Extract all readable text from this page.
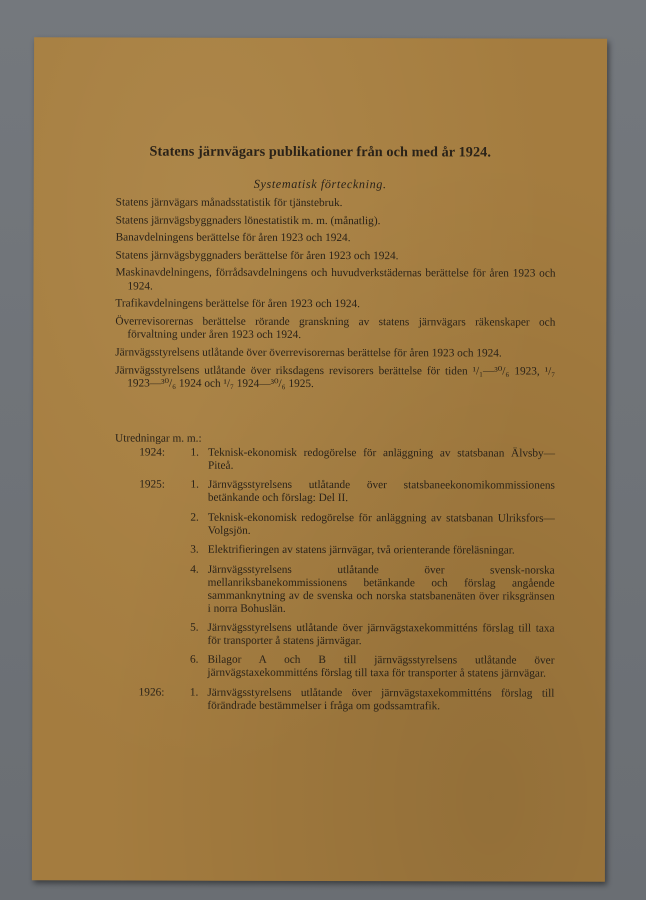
Statens järnvägars publikationer från och med år 1924.
Systematisk förteckning.
Statens järnvägars månadsstatistik för tjänstebruk.
Statens järnvägsbyggnaders lönestatistik m. m. (månatlig).
Banavdelningens berättelse för åren 1923 och 1924.
Statens järnvägsbyggnaders berättelse för åren 1923 och 1924.
Maskinavdelningens, förrådsavdelningens och huvudverkstädernas berättelse för åren 1923 och 1924.
Trafikavdelningens berättelse för åren 1923 och 1924.
Överrevisorernas berättelse rörande granskning av statens järnvägars räkenskaper och förvaltning under åren 1923 och 1924.
Järnvägsstyrelsens utlåtande över överrevisorernas berättelse för åren 1923 och 1924.
Järnvägsstyrelsens utlåtande över riksdagens revisorers berättelse för tiden ¹/₁—³⁰/₆ 1923, ¹/₇ 1923—³⁰/₆ 1924 och ¹/₇ 1924—³⁰/₆ 1925.
Utredningar m. m.:
1924:	1. Teknisk-ekonomisk redogörelse för anläggning av statsbanan Älvsby—Piteå.
1925:	1. Järnvägsstyrelsens utlåtande över statsbaneekonomikommissionens betänkande och förslag: Del II.
2. Teknisk-ekonomisk redogörelse för anläggning av statsbanan Ulriksfors—Volgsjön.
3. Elektrifieringen av statens järnvägar, två orienterande föreläsningar.
4. Järnvägsstyrelsens utlåtande över svensk-norska mellanriksbanekommissionens betänkande och förslag angående sammanknytning av de svenska och norska statsbanenäten över riksgränsen i norra Bohuslän.
5. Järnvägsstyrelsens utlåtande över järnvägstaxekommitténs förslag till taxa för transporter å statens järnvägar.
6. Bilagor A och B till järnvägsstyrelsens utlåtande över järnvägstaxekommitténs förslag till taxa för transporter å statens järnvägar.
1926:	1. Järnvägsstyrelsens utlåtande över järnvägstaxekommitténs förslag till förändrade bestämmelser i fråga om godssamtrafik.
